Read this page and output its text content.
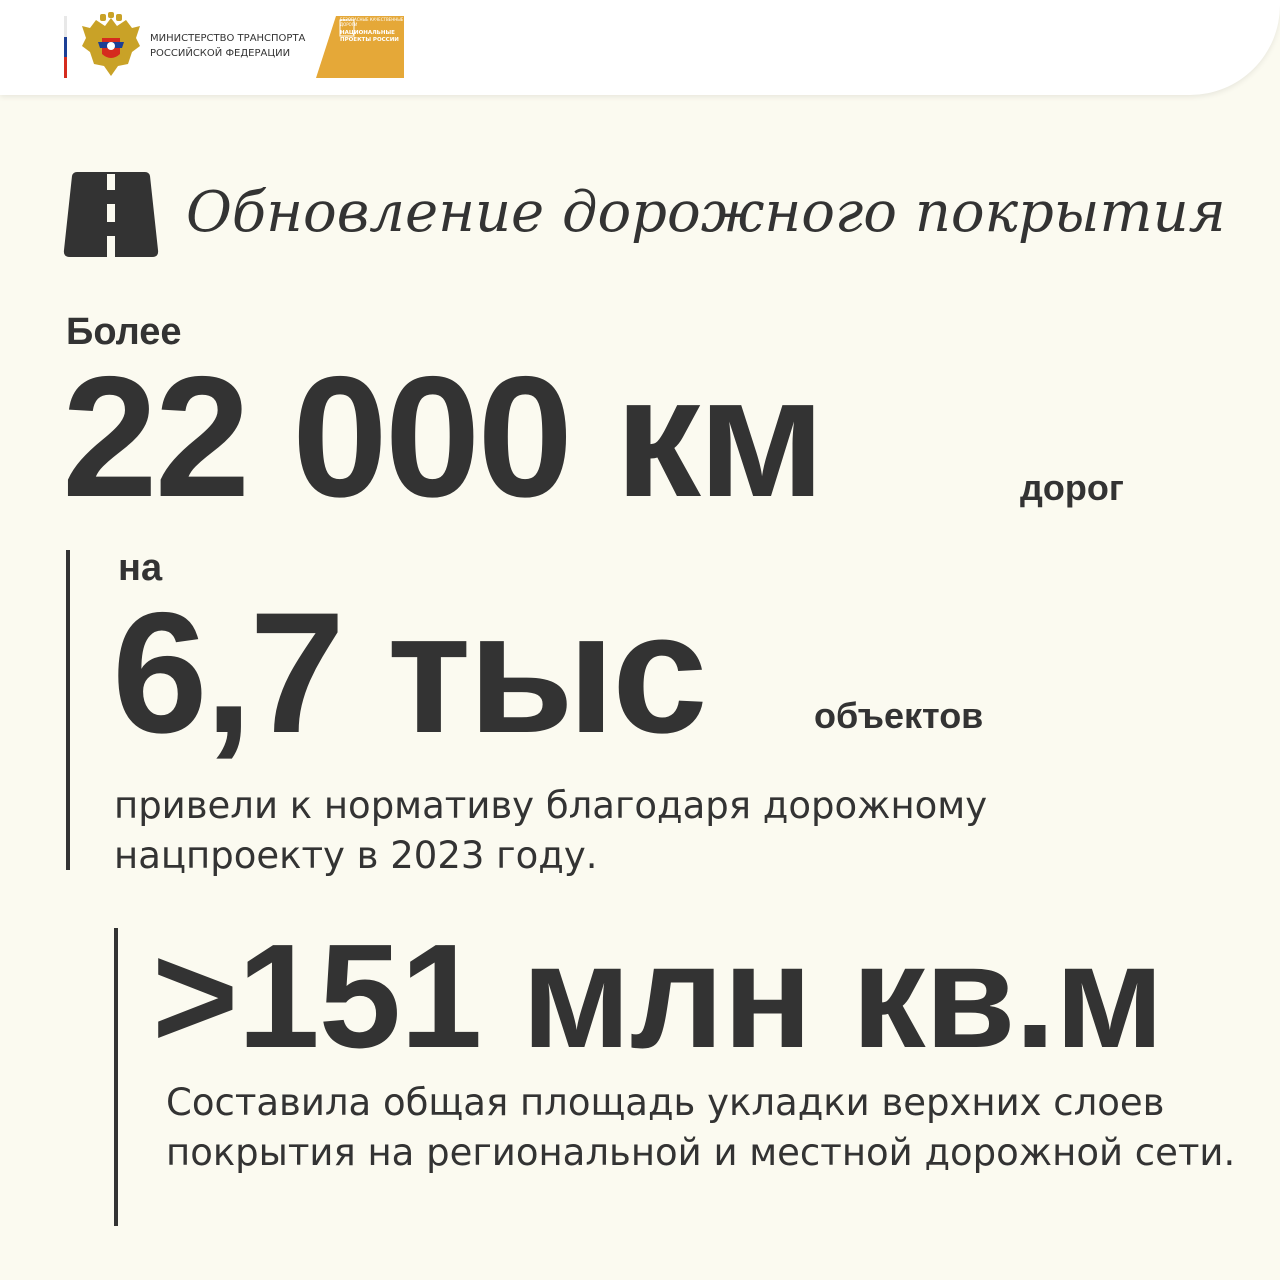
МИНИСТЕРСТВО ТРАНСПОРТА
РОССИЙСКОЙ ФЕДЕРАЦИИ
БЕЗОПАСНЫЕ КАЧЕСТВЕННЫЕ ДОРОГИ
НАЦИОНАЛЬНЫЕ ПРОЕКТЫ РОССИИ
Обновление дорожного покрытия
Более
22 000 км	дорог
на
6,7 тыс	объектов
привели к нормативу благодаря дорожному нацпроекту в 2023 году.
>151 млн кв.м
Составила общая площадь укладки верхних слоев покрытия на региональной и местной дорожной сети.
